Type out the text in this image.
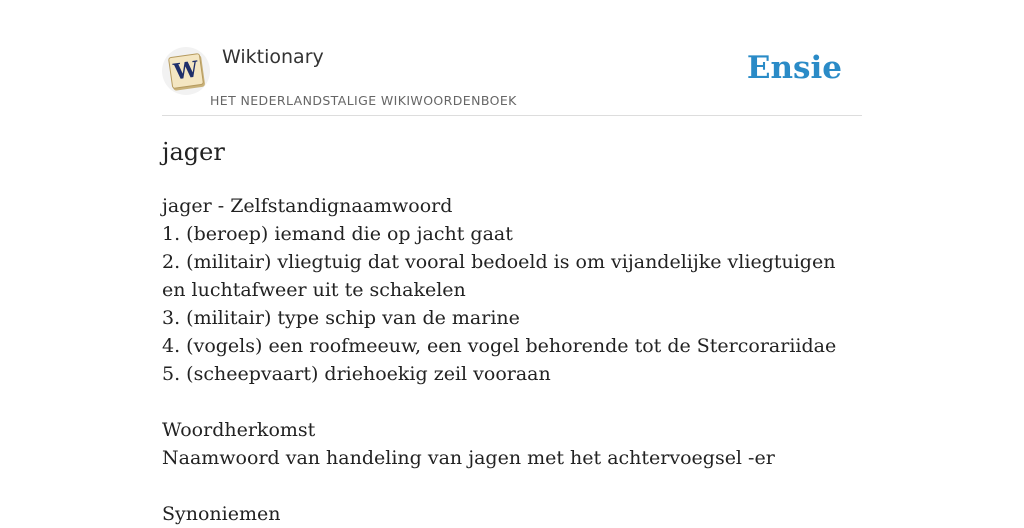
W Wiktionary
HET NEDERLANDSTALIGE WIKIWOORDENBOEK
Ensie
jager
jager - Zelfstandignaamwoord
1. (beroep) iemand die op jacht gaat
2. (militair) vliegtuig dat vooral bedoeld is om vijandelijke vliegtuigen en luchtafweer uit te schakelen
3. (militair) type schip van de marine
4. (vogels) een roofmeeuw, een vogel behorende tot de Stercorariidae
5. (scheepvaart) driehoekig zeil vooraan
Woordherkomst
Naamwoord van handeling van jagen met het achtervoegsel -er
Synoniemen
